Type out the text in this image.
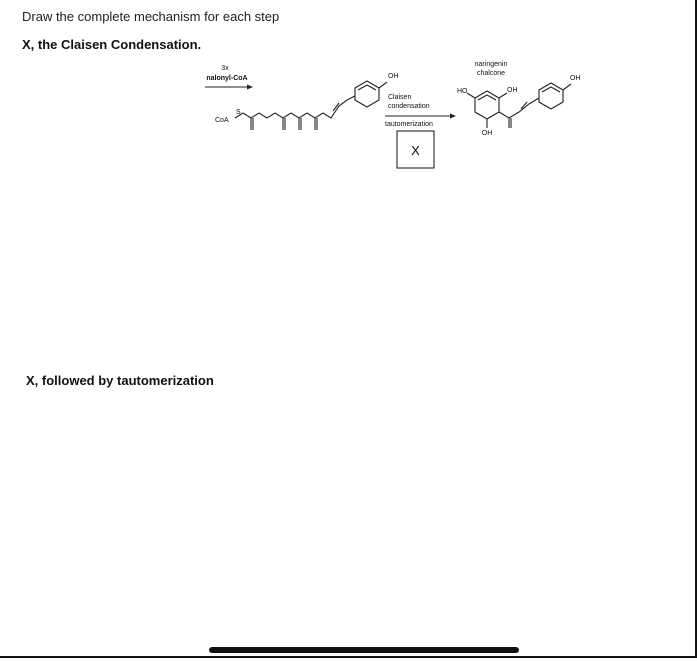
Draw the complete mechanism for each step
X, the Claisen Condensation.
X, followed by tautomerization
3x
nalonyl-CoA
CoA
S
OH
Claisen
condensation
tautomerization
X
naringenin
chalcone
HO	OH
OH
OH
